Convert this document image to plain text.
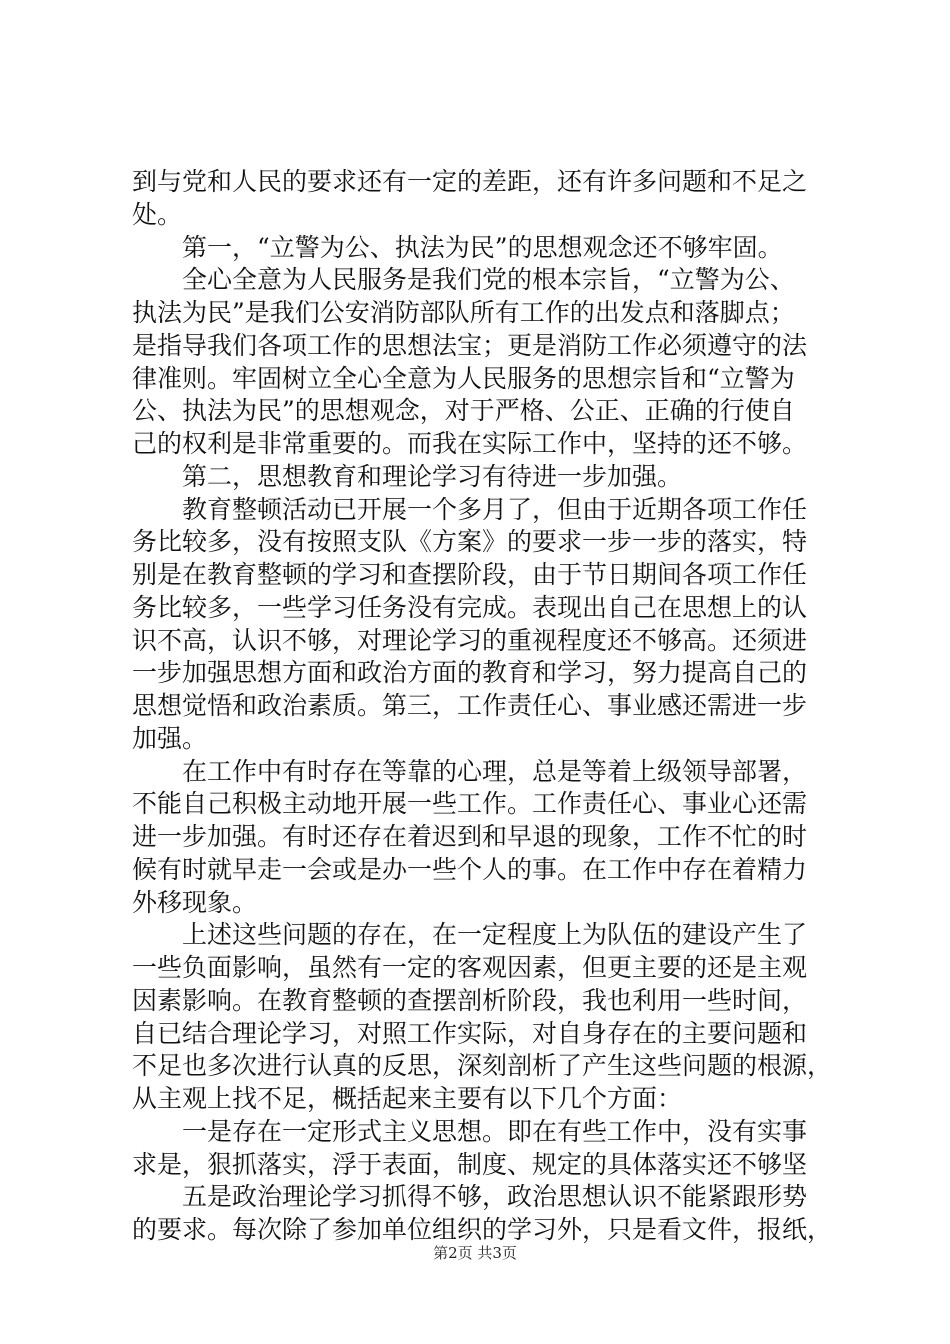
到与党和人民的要求还有一定的差距，还有许多问题和不足之
处。
第一，“立警为公、执法为民”的思想观念还不够牢固。
全心全意为人民服务是我们党的根本宗旨，“立警为公、
执法为民”是我们公安消防部队所有工作的出发点和落脚点；
是指导我们各项工作的思想法宝；更是消防工作必须遵守的法
律准则。牢固树立全心全意为人民服务的思想宗旨和“立警为
公、执法为民”的思想观念，对于严格、公正、正确的行使自
己的权利是非常重要的。而我在实际工作中，坚持的还不够。
第二，思想教育和理论学习有待进一步加强。
教育整顿活动已开展一个多月了，但由于近期各项工作任
务比较多，没有按照支队《方案》的要求一步一步的落实，特
别是在教育整顿的学习和查摆阶段，由于节日期间各项工作任
务比较多，一些学习任务没有完成。表现出自己在思想上的认
识不高，认识不够，对理论学习的重视程度还不够高。还须进
一步加强思想方面和政治方面的教育和学习，努力提高自己的
思想觉悟和政治素质。第三，工作责任心、事业感还需进一步
加强。
在工作中有时存在等靠的心理，总是等着上级领导部署，
不能自己积极主动地开展一些工作。工作责任心、事业心还需
进一步加强。有时还存在着迟到和早退的现象，工作不忙的时
候有时就早走一会或是办一些个人的事。在工作中存在着精力
外移现象。
上述这些问题的存在，在一定程度上为队伍的建设产生了
一些负面影响，虽然有一定的客观因素，但更主要的还是主观
因素影响。在教育整顿的查摆剖析阶段，我也利用一些时间，
自已结合理论学习，对照工作实际，对自身存在的主要问题和
不足也多次进行认真的反思，深刻剖析了产生这些问题的根源，
从主观上找不足，概括起来主要有以下几个方面：
一是存在一定形式主义思想。即在有些工作中，没有实事
求是，狠抓落实，浮于表面，制度、规定的具体落实还不够坚
五是政治理论学习抓得不够，政治思想认识不能紧跟形势
的要求。每次除了参加单位组织的学习外，只是看文件，报纸，
第2页 共3页
